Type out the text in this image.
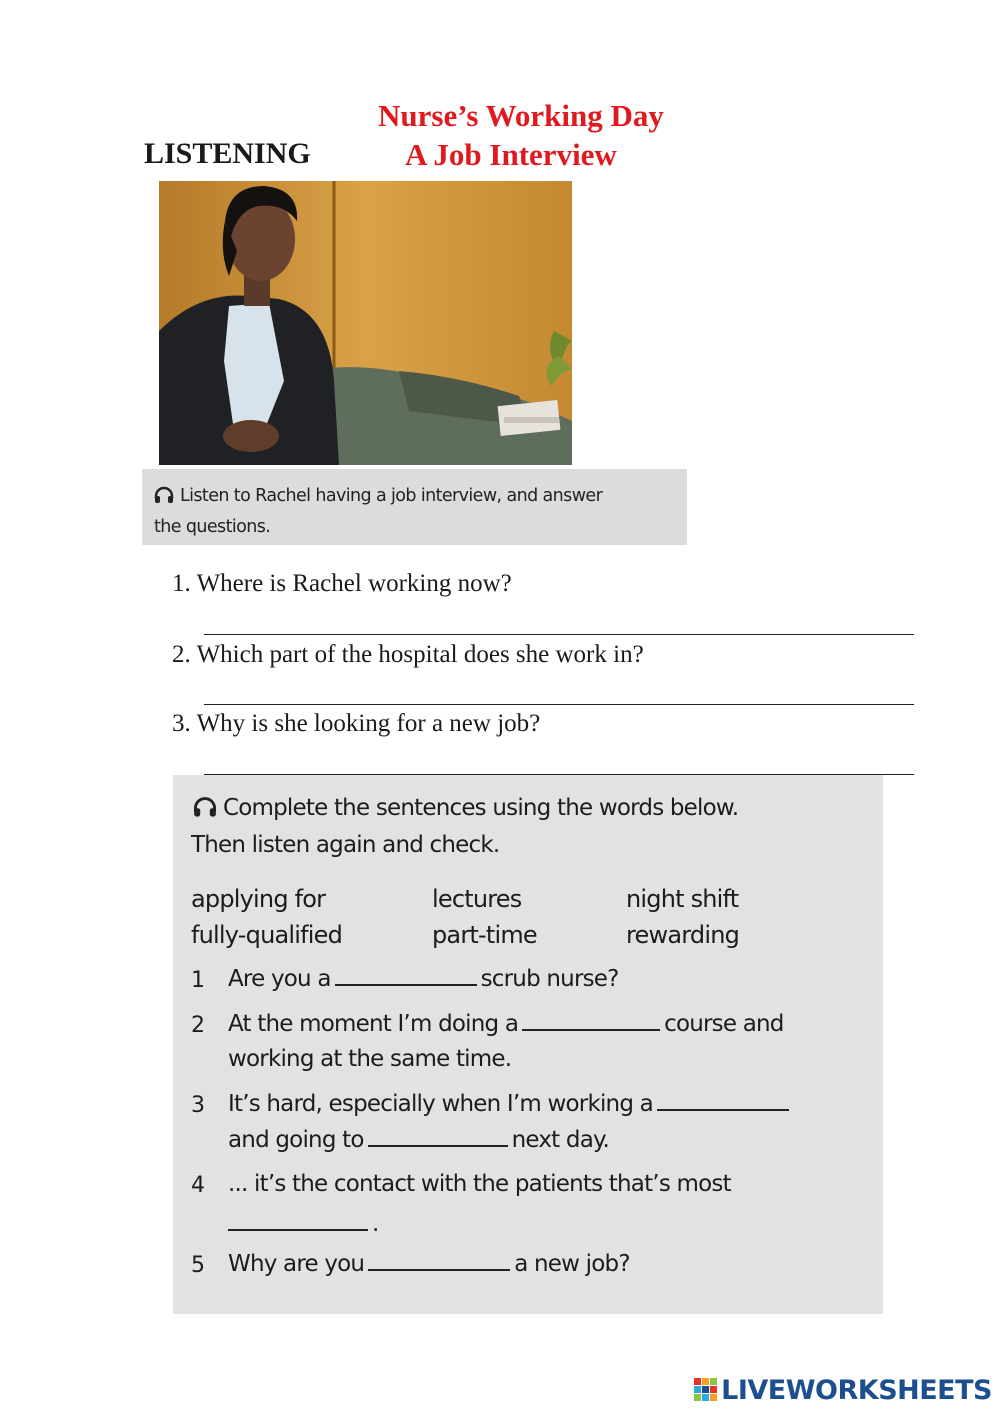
Nurse’s Working Day
LISTENING	A Job Interview
Listen to Rachel having a job interview, and answer
the questions.
1. Where is Rachel working now?
2. Which part of the hospital does she work in?
3. Why is she looking for a new job?
Complete the sentences using the words below.
Then listen again and check.
applying for	lectures	night shift
fully-qualified	part-time	rewarding
1 Are you a	scrub nurse?
2 At the moment I’m doing a	course and
working at the same time.
3 It’s hard, especially when I’m working a
and going to	next day.
4 ... it’s the contact with the patients that’s most
.
5 Why are you	a new job?
LIVEWORKSHEETS
